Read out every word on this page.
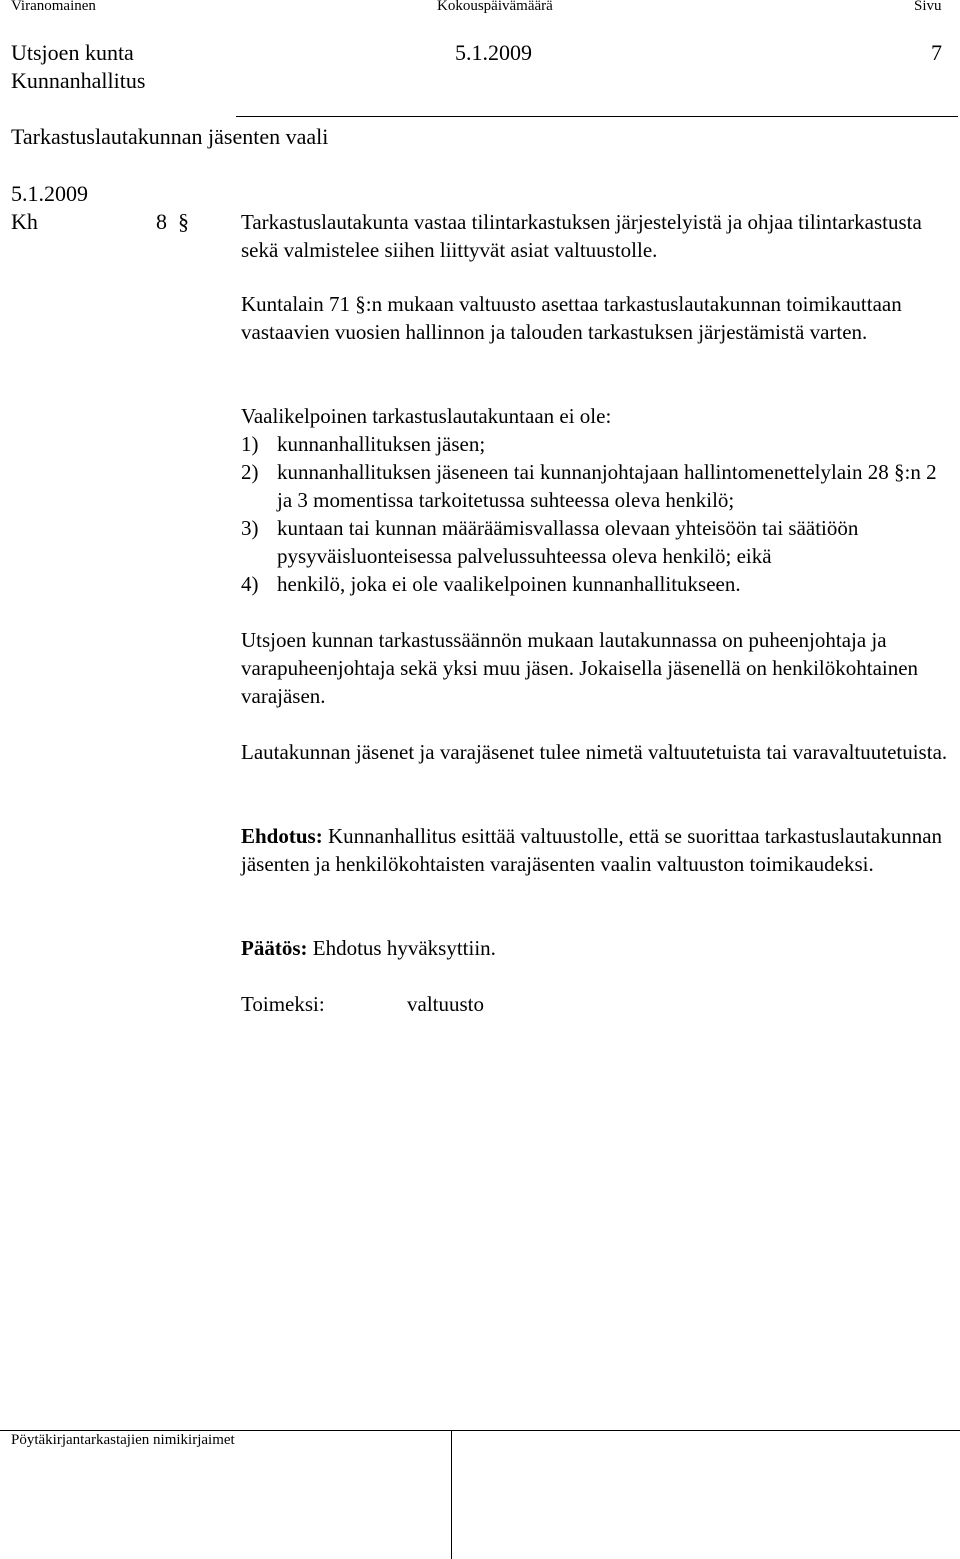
Viranomainen	Kokouspäivämäärä	Sivu
Utsjoen kunta	5.1.2009	7
Kunnanhallitus
Tarkastuslautakunnan jäsenten vaali
5.1.2009
Kh	8 § Tarkastuslautakunta vastaa tilintarkastuksen järjestelyistä ja ohjaa tilintarkastusta sekä valmistelee siihen liittyvät asiat valtuustolle.

Kuntalain 71 §:n mukaan valtuusto asettaa tarkastuslautakunnan toimikauttaan vastaavien vuosien hallinnon ja talouden tarkastuksen järjestämistä varten.

Vaalikelpoinen tarkastuslautakuntaan ei ole:

1) kunnanhallituksen jäsen;
2) kunnanhallituksen jäseneen tai kunnanjohtajaan hallintomenettelylain 28 §:n 2 ja 3 momentissa tarkoitetussa suhteessa oleva henkilö;
3) kuntaan tai kunnan määräämisvallassa olevaan yhteisöön tai säätiöön pysyväisluonteisessa palvelussuhteessa oleva henkilö; eikä
4) henkilö, joka ei ole vaalikelpoinen kunnanhallitukseen.

Utsjoen kunnan tarkastussäännön mukaan lautakunnassa on puheenjohtaja ja varapuheenjohtaja sekä yksi muu jäsen. Jokaisella jäsenellä on henkilökohtainen varajäsen.

Lautakunnan jäsenet ja varajäsenet tulee nimetä valtuutetuista tai varavaltuutetuista.

Ehdotus: Kunnanhallitus esittää valtuustolle, että se suorittaa tarkastuslautakunnan jäsenten ja henkilökohtaisten varajäsenten vaalin valtuuston toimikaudeksi.

Päätös: Ehdotus hyväksyttiin.

Toimeksi:	valtuusto
Pöytäkirjantarkastajien nimikirjaimet
